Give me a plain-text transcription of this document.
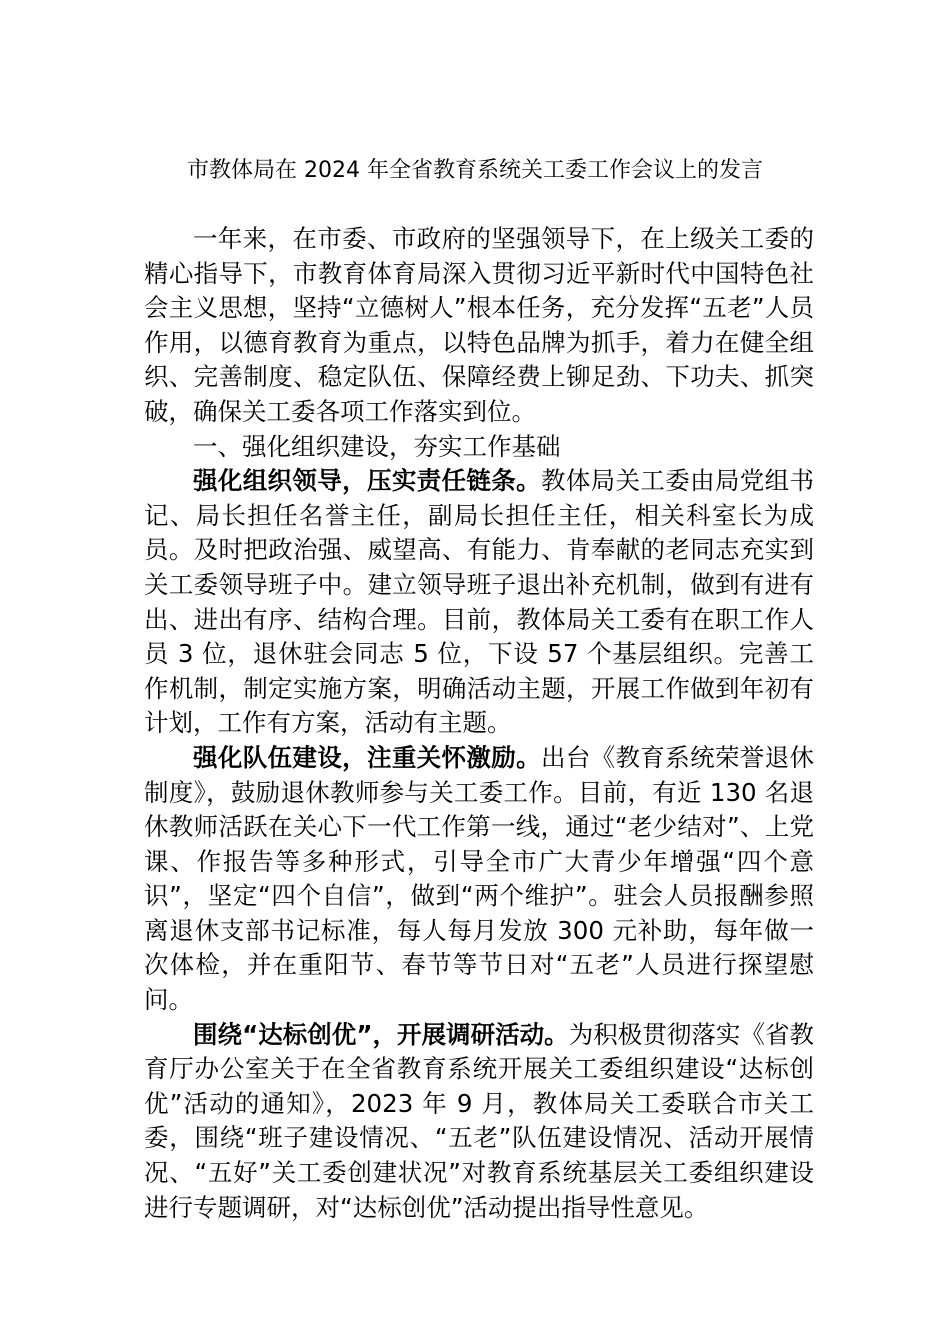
市教体局在 2024 年全省教育系统关工委工作会议上的发言

一年来，在市委、市政府的坚强领导下，在上级关工委的精心指导下，市教育体育局深入贯彻习近平新时代中国特色社会主义思想，坚持“立德树人”根本任务，充分发挥“五老”人员作用，以德育教育为重点，以特色品牌为抓手，着力在健全组织、完善制度、稳定队伍、保障经费上铆足劲、下功夫、抓突破，确保关工委各项工作落实到位。

一、强化组织建设，夯实工作基础

强化组织领导，压实责任链条。教体局关工委由局党组书记、局长担任名誉主任，副局长担任主任，相关科室长为成员。及时把政治强、威望高、有能力、肯奉献的老同志充实到关工委领导班子中。建立领导班子退出补充机制，做到有进有出、进出有序、结构合理。目前，教体局关工委有在职工作人员 3 位，退休驻会同志 5 位，下设 57 个基层组织。完善工作机制，制定实施方案，明确活动主题，开展工作做到年初有计划，工作有方案，活动有主题。

强化队伍建设，注重关怀激励。出台《教育系统荣誉退休制度》，鼓励退休教师参与关工委工作。目前，有近 130 名退休教师活跃在关心下一代工作第一线，通过“老少结对”、上党课、作报告等多种形式，引导全市广大青少年增强“四个意识”，坚定“四个自信”，做到“两个维护”。驻会人员报酬参照离退休支部书记标准，每人每月发放 300 元补助，每年做一次体检，并在重阳节、春节等节日对“五老”人员进行探望慰问。

围绕“达标创优”，开展调研活动。为积极贯彻落实《省教育厅办公室关于在全省教育系统开展关工委组织建设“达标创优”活动的通知》，2023 年 9 月，教体局关工委联合市关工委，围绕“班子建设情况、“五老”队伍建设情况、活动开展情况、“五好”关工委创建状况”对教育系统基层关工委组织建设进行专题调研，对“达标创优”活动提出指导性意见。
